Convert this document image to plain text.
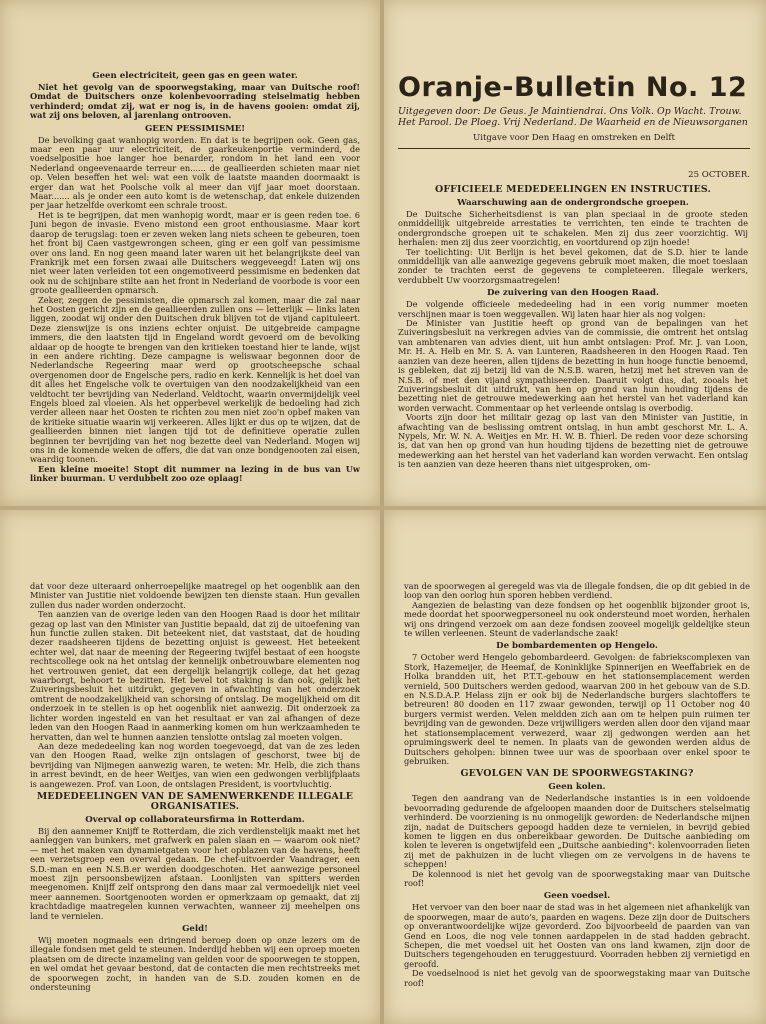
Geen electriciteit, geen gas en geen water.

Niet het gevolg van de spoorwegstaking, maar van Duitsche roof! Omdat de Duitschers onze kolenbevoorrading stelselmatig hebben verhinderd; omdat zij, wat er nog is, in de havens gooien: omdat zij, wat zij ons beloven, al jarenlang ontrooven.

GEEN PESSIMISME!

De bevolking gaat wanhopig worden. En dat is te begrijpen ook. Geen gas, maar een paar uur electriciteit, de gaarkeukenportie verminderd, de voedselpositie hoe langer hoe benarder, rondom in het land een voor Nederland ongeevenaarde terreur en...... de geallieerden schieten maar niet op. Velen beseffen het wel: wat een volk de laatste maanden doormaakt is erger dan wat het Poolsche volk al meer dan vijf jaar moet doorstaan. Maar....... als je onder een auto komt is de wetenschap, dat enkele duizenden per jaar hetzelfde overkomt een schrale troost.

Het is te begrijpen, dat men wanhopig wordt, maar er is geen reden toe. 6 Juni begon de invasie. Eveno mistond een groot enthousiasme. Maar kort daarop de terugslag: toen er zeven weken lang niets scheen te gebeuren, toen het front bij Caen vastgewrongen scheen, ging er een golf van pessimisme over ons land. En nog geen maand later waren uit het belangrijkste deel van Frankrijk met een forsen zwaai alle Duitschers weggeveegd! Laten wij ons niet weer laten verleiden tot een ongemotiveerd pessimisme en bedenken dat ook nu de schijnbare stilte aan het front in Nederland de voorbode is voor een groote geallieerden opmarsch.

Zeker, zeggen de pessimisten, die opmarsch zal komen, maar die zal naar het Oosten gericht zijn en de geallieerden zullen ons — letterlijk — links laten liggen, zoodat wij onder den Duitschen druk blijven tot de vijand capituleert. Deze zienswijze is ons inziens echter onjuist. De uitgebreide campagne immers, die den laatsten tijd in Engeland wordt gevoerd om de bevolking aldaar op de hoogte te brengen van den kritieken toestand hier te lande, wijst in een andere richting. Deze campagne is weliswaar begonnen door de Nederlandsche Regeering maar werd op grootscheepsche schaal overgenomen door de Engelsche pers, radio en kerk. Kennelijk is het doel van dit alles het Engelsche volk te overtuigen van den noodzakelijkheid van een veldtocht ter bevrijding van Nederland. Veldtocht, waarin onvermijdelijk veel Engels bloed zal vloeien. Als het opperbevel werkelijk de bedoeling had zich verder alleen naar het Oosten te richten zou men niet zoo'n opbef maken van de kritieke situatie waarin wij verkeeren. Alles lijkt er dus op te wijzen, dat de geallieerden binnen niet langen tijd tot de definitieve operatie zullen beginnen ter bevrijding van het nog bezette deel van Nederland. Mogen wij ons in de komende weken de offers, die dat van onze bondgenooten zal eisen, waardig toonen.

Een kleine moeite! Stopt dit nummer na lezing in de bus van Uw linker buurman. U verdubbelt zoo oze oplaag!

Oranje-Bulletin No. 12
Uitgegeven door: De Geus. Je Maintiendrai. Ons Volk. Op Wacht. Trouw. Het Parool. De Ploeg. Vrij Nederland. De Waarheid en de Nieuwsorganen
Uitgave voor Den Haag en omstreken en Delft
25 OCTOBER.
OFFICIEELE MEDEDEELINGEN EN INSTRUCTIES.
Waarschuwing aan de ondergrondsche groepen.

De Duitsche Sicherheitsdienst is van plan speciaal in de groote steden onmiddellijk uitgebreide arrestaties te verrichten, ten einde te trachten de ondergrondsche groepen uit te schakelen. Men zij dus zeer voorzichtig. Wij herhalen: men zij dus zeer voorzichtig, en voortdurend op zijn hoede!

Ter toelichting: Uit Berlijn is het bevel gekomen, dat de S.D. hier te lande onmiddellijk van alle aanwezige gegevens gebruik moet maken, die moet toeslaan zonder te trachten eerst de gegevens te completeeren. Illegale werkers, verdubbelt Uw voorzorgsmaatregelen!

De zuivering van den Hoogen Raad.

De volgende officieele mededeeling had in een vorig nummer moeten verschijnen maar is toen weggevallen. Wij laten haar hier als nog volgen:

De Minister van Justitie heeft op grond van de bepalingen van het Zuiveringsbesluit na verkregen advies van de commissie, die omtrent het ontslag van ambtenaren van advies dient, uit hun ambt ontslagen: Prof. Mr. J. van Loon, Mr. H. A. Helb en Mr. S. A. van Lunteren, Raadsheeren in den Hoogen Raad. Ten aanzien van deze heeren, allen tijdens de bezetting in hun hooge functie benoemd, is gebleken, dat zij betzij lid van de N.S.B. waren, hetzij met het streven van de N.S.B. of met den vijand sympathiseerden. Daaruit volgt dus, dat, zooals het Zuiveringsbesluit dit uitdrukt, van hen op grond van hun houding tijdens de bezetting niet de getrouwe medewerking aan het herstel van het vaderland kan worden verwacht. Commentaar op het verleende ontslag is overbodig.

Voorts zijn door het militair gezag op last van den Minister van Justitie, in afwachting van de beslissing omtrent ontslag, in hun ambt geschorst Mr. L. A. Nypels, Mr. W. N. A. Weitjes en Mr. H. W. B. Thierl. De reden voor deze schorsing is, dat van hen op grond van hun houding tijdens de bezetting niet de getrouwe medewerking aan het herstel van het vaderland kan worden verwacht. Een ontslag is ten aanzien van deze heeren thans niet uitgesproken, om-

dat voor deze uiteraard onherroepelijke maatregel op het oogenblik aan den Minister van Justitie niet voldoende bewijzen ten dienste staan. Hun gevallen zullen dus nader worden onderzocht.

Ten aanzien van de overige leden van den Hoogen Raad is door het militair gezag op last van den Minister van Justitie bepaald, dat zij de uitoefening van hun functie zullen staken. Dit beteekent niet, dat vaststaat, dat de houding dezer raadsheeren tijdens de bezetting onjuist is geweest. Het beteekent echter wel, dat naar de meening der Regeering twijfel bestaat of een hoogste rechtscollege ook na het ontslag der kennelijk onbetrouwbare elementen nog het vertrouwen geniet, dat een dergelijk belangrijk college, dat het gezag waarborgt, behoort te bezitten. Het bevel tot staking is dan ook, gelijk het Zuiveringsbesluit het uitdrukt, gegeven in afwachting van het onderzoek omtrent de noodzakelijkheid van schorsing of ontslag. De mogelijkheid om dit onderzoek in te stellen is op het oogenblik niet aanwezig. Dit onderzoek za lichter worden ingesteld en van het resultaat er van zal afhangen of deze leden van den Hoogen Raad in aanmerking komen om hun werkzaamheden te hervatten, dan wel te hunnen aanzien tenslotte ontslag zal moeten volgen.

Aan deze mededeeling kan nog worden toegevoegd, dat van de zes leden van den Hoogen Raad, welke zijn ontslagen of geschorst, twee bij de bevrijding van Nijmegen aanwezig waren, te weten: Mr. Helb, die zich thans in arrest bevindt, en de heer Weitjes, van wien een gedwongen verblijfplaats is aangewezen. Prof. van Loon, de ontslagen President, is voortvluchtig.

MEDEDEELINGEN VAN DE SAMENWERKENDE ILLEGALE ORGANISATIES.
Overval op collaborateursfirma in Rotterdam.

Bij den aannemer Knijff te Rotterdam, die zich verdienstelijk maakt met het aanleggen van bunkers, met grafwerk en palen slaan en — waarom ook niet? — met het maken van dynamietgaten voor het opblazen van de havens, heeft een verzetsgroep een overval gedaan. De chef-uitvoerder Vaandrager, een S.D.-man en een N.S.B.er werden doodgeschoten. Het aanwezige personeel moest zijn persoonsbewijzen afstaan. Loonlijsten van spitters werden meegenomen. Knijff zelf ontsprong den dans maar zal vermoedelijk niet veel meer aannemen. Soortgenooten worden er opmerkzaam op gemaakt, dat zij krachtdadige maatregelen kunnen verwachten, wanneer zij meehelpen ons land te vernielen.

Geld!

Wij moeten nogmaals een dringend beroep doen op onze lezers om de illegale fondsen met geld te steunen. Inderdijd hebben wij een oproep moeten plaatsen om de directe inzameling van gelden voor de spoorwegen te stoppen, en wel omdat het gevaar bestond, dat de contacten die men rechtstreeks met de spoorwegen zocht, in handen van de S.D. zouden komen en de ondersteuning

van de spoorwegen al geregeld was via de illegale fondsen, die op dit gebied in de loop van den oorlog hun sporen hebben verdiend.

Aangezien de belasting van deze fondsen op het oogenblik bijzonder groot is, mede doordat het spoorwegpersoneel nu ook ondersteund moet worden, herhalen wij ons dringend verzoek om aan deze fondsen zooveel mogelijk geldelijke steun te willen verleenen. Steunt de vaderlandsche zaak!

De bombardementen op Hengelo.

7 October werd Hengelo gebombardeerd. Gevolgen: de fabriekscomplexen van Stork, Hazemeijer, de Heemaf, de Koninklijke Spinnerijen en Weeffabriek en de Holka brandden uit, het P.T.T.-gebouw en het stationsemplacement werden vernield, 500 Duitschers werden gedood, waarvan 200 in het gebouw van de S.D. en N.S.D.A.P. Helass zijn er ook bij de Nederlandsche burgers slachtoffers te betreuren! 80 dooden en 117 zwaar gewonden, terwijl op 11 October nog 40 burgers vermist werden. Velen meldden zich aan om te helpen puin ruimen ter bevrijding van de gewonden. Deze vrijwilligers werden allen door den vijand maar het stationsemplacement verwezerd, waar zij gedwongen werden aan het opruimingswerk deel te nemen. In plaats van de gewonden werden aldus de Duitschers geholpen: binnen twee uur was de spoorbaan over enkel spoor te gebruiken.

GEVOLGEN VAN DE SPOORWEGSTAKING?
Geen kolen.

Tegen den aandrang van de Nederlandsche instanties is in een voldoende bevoorrading gedurende de afgeloopen maanden door de Duitschers stelselmatig verhinderd. De voorziening is nu onmogelijk geworden: de Nederlandsche mijnen zijn, nadat de Duitschers gepoogd hadden deze te vernielen, in bevrijd gebied komen te liggen en dus onbereikbaar geworden. De Duitsche aanbieding om kolen te leveren is ongetwijfeld een „Duitsche aanbieding": kolenvoorraden lieten zij met de pakhuizen in de lucht vliegen om ze vervolgens in de havens te scheppen!

De kolennood is niet het gevolg van de spoorwegstaking maar van Duitsche roof!

Geen voedsel.

Het vervoer van den boer naar de stad was in het algemeen niet afhankelijk van de spoorwegen, maar de auto's, paarden en wagens. Deze zijn door de Duitschers op onverantwoordelijke wijze gevorderd. Zoo bijvoorbeeld de paarden van van Gend en Loos, die nog vele tonnen aardappelen in de stad hadden gebracht. Schepen, die met voedsel uit het Oosten van ons land kwamen, zijn door de Duitschers tegengehouden en teruggestuurd. Voorraden hebben zij vernietigd en geroofd.

De voedselnood is niet het gevolg van de spoorwegstaking maar van Duitsche roof!
